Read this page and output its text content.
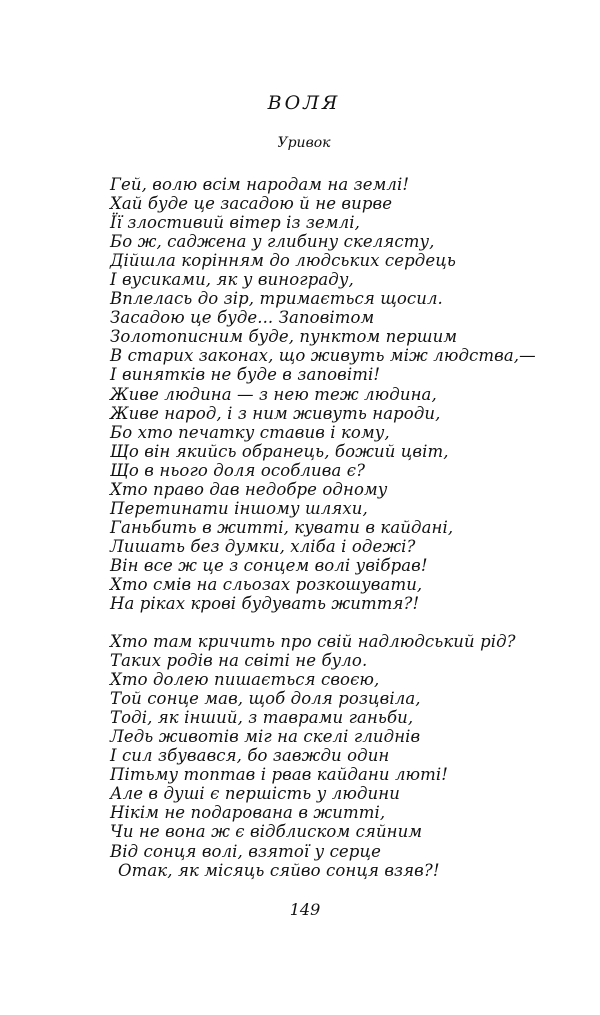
ВОЛЯ
Уривок
Гей, волю всім народам на землі!
Хай буде це засадою й не вирве
Її злостивий вітер із землі,
Бо ж, саджена у глибину скелясту,
Дійшла корінням до людських сердець
І вусиками, як у винограду,
Вплелась до зір, тримається щосил.
Засадою це буде... Заповітом
Золотописним буде, пунктом першим
В старих законах, що живуть між людства,—
І винятків не буде в заповіті!
Живе людина — з нею теж людина,
Живе народ, і з ним живуть народи,
Бо хто печатку ставив і кому,
Що він якийсь обранець, божий цвіт,
Що в нього доля особлива є?
Хто право дав недобре одному
Перетинати іншому шляхи,
Ганьбить в житті, кувати в кайдані,
Лишать без думки, хліба і одежі?
Він все ж це з сонцем волі увібрав!
Хто смів на сльозах розкошувати,
На ріках крові будувать життя?!
Хто там кричить про свій надлюдський рід?
Таких родів на світі не було.
Хто долею пишається своєю,
Той сонце мав, щоб доля розцвіла,
Тоді, як інший, з таврами ганьби,
Ледь животів міг на скелі глиднів
І сил збувався, бо завжди один
Пітьму топтав і рвав кайдани люті!
Але в душі є першість у людини
Нікім не подарована в житті,
Чи не вона ж є відблиском сяйним
Від сонця волі, взятої у серце
Отак, як місяць сяйво сонця взяв?!
149
